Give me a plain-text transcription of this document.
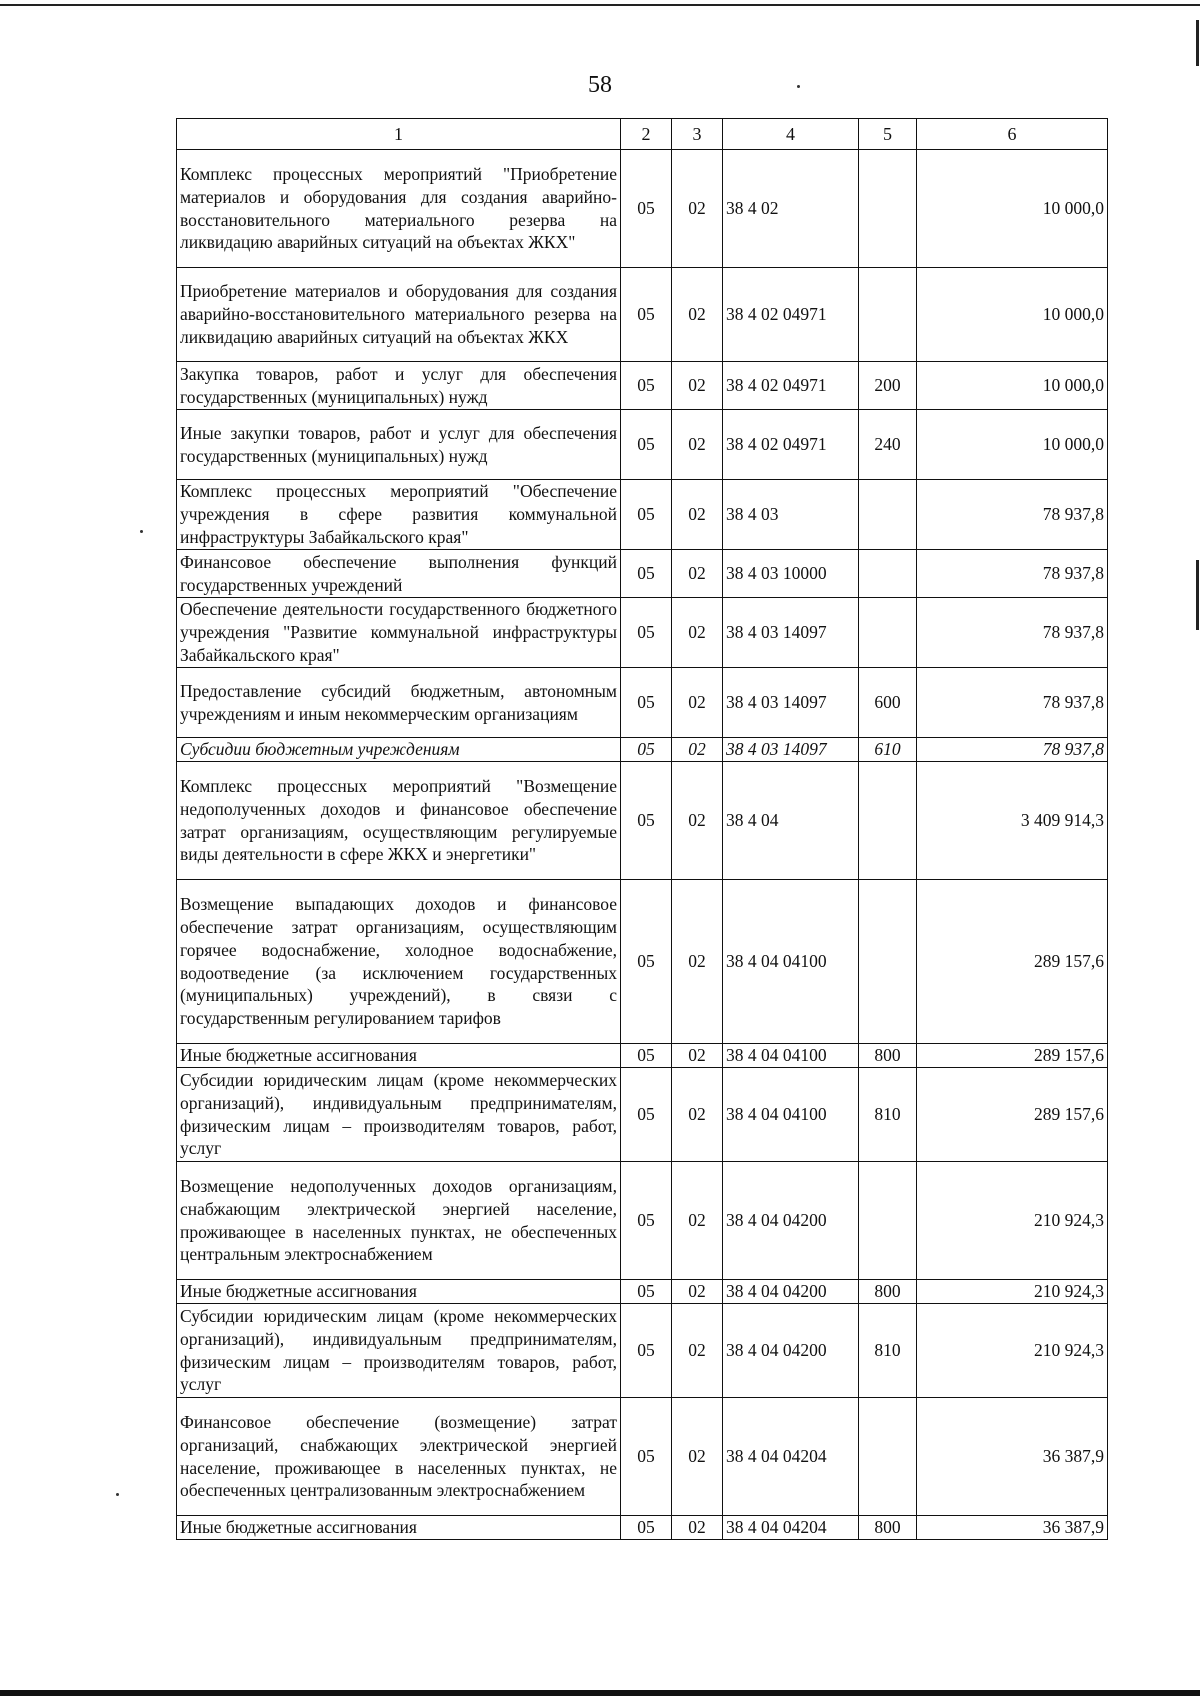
58
1	2	3	4	5	6
Комплекс процессных мероприятий "Приобретение материалов и оборудования для создания аварийно-восстановительного материального резерва на ликвидацию аварийных ситуаций на объектах ЖКХ"	05	02	38 4 02		10 000,0
Приобретение материалов и оборудования для создания аварийно-восстановительного материального резерва на ликвидацию аварийных ситуаций на объектах ЖКХ	05	02	38 4 02 04971		10 000,0
Закупка товаров, работ и услуг для обеспечения государственных (муниципальных) нужд	05	02	38 4 02 04971	200	10 000,0
Иные закупки товаров, работ и услуг для обеспечения государственных (муниципальных) нужд	05	02	38 4 02 04971	240	10 000,0
Комплекс процессных мероприятий "Обеспечение учреждения в сфере развития коммунальной инфраструктуры Забайкальского края"	05	02	38 4 03		78 937,8
Финансовое обеспечение выполнения функций государственных учреждений	05	02	38 4 03 10000		78 937,8
Обеспечение деятельности государственного бюджетного учреждения "Развитие коммунальной инфраструктуры Забайкальского края"	05	02	38 4 03 14097		78 937,8
Предоставление субсидий бюджетным, автономным учреждениям и иным некоммерческим организациям	05	02	38 4 03 14097	600	78 937,8
Субсидии бюджетным учреждениям	05	02	38 4 03 14097	610	78 937,8
Комплекс процессных мероприятий "Возмещение недополученных доходов и финансовое обеспечение затрат организациям, осуществляющим регулируемые виды деятельности в сфере ЖКХ и энергетики"	05	02	38 4 04		3 409 914,3
Возмещение выпадающих доходов и финансовое обеспечение затрат организациям, осуществляющим горячее водоснабжение, холодное водоснабжение, водоотведение (за исключением государственных (муниципальных) учреждений), в связи с государственным регулированием тарифов	05	02	38 4 04 04100		289 157,6
Иные бюджетные ассигнования	05	02	38 4 04 04100	800	289 157,6
Субсидии юридическим лицам (кроме некоммерческих организаций), индивидуальным предпринимателям, физическим лицам – производителям товаров, работ, услуг	05	02	38 4 04 04100	810	289 157,6
Возмещение недополученных доходов организациям, снабжающим электрической энергией население, проживающее в населенных пунктах, не обеспеченных центральным электроснабжением	05	02	38 4 04 04200		210 924,3
Иные бюджетные ассигнования	05	02	38 4 04 04200	800	210 924,3
Субсидии юридическим лицам (кроме некоммерческих организаций), индивидуальным предпринимателям, физическим лицам – производителям товаров, работ, услуг	05	02	38 4 04 04200	810	210 924,3
Финансовое обеспечение (возмещение) затрат организаций, снабжающих электрической энергией население, проживающее в населенных пунктах, не обеспеченных централизованным электроснабжением	05	02	38 4 04 04204		36 387,9
Иные бюджетные ассигнования	05	02	38 4 04 04204	800	36 387,9
